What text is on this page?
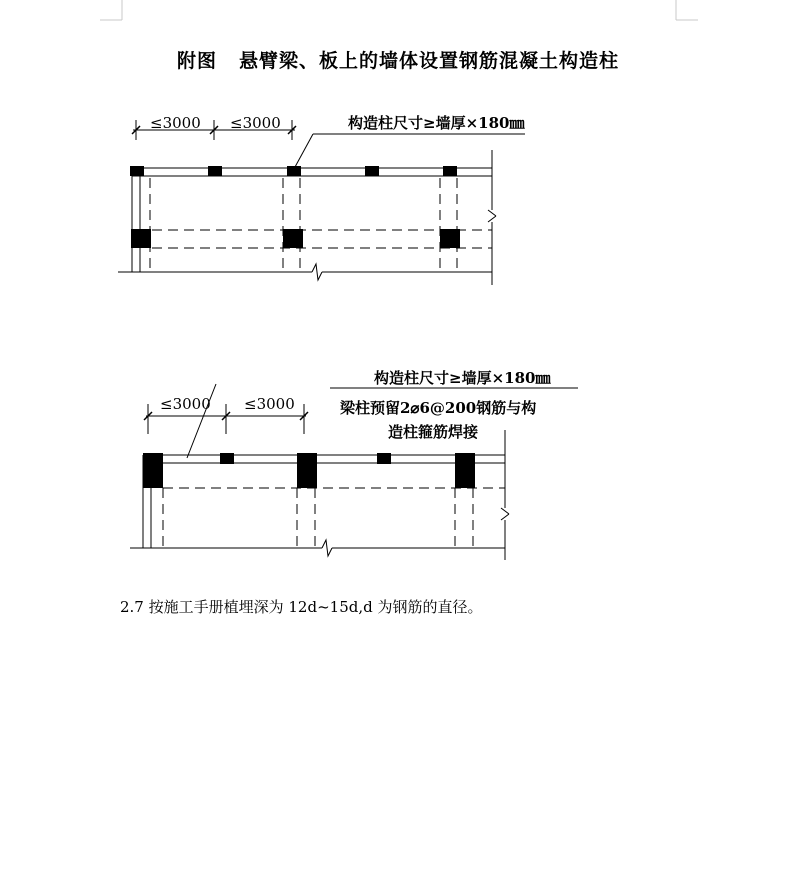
附图 悬臂梁、板上的墙体设置钢筋混凝土构造柱
≤3000 ≤3000	构造柱尺寸≥墙厚×180㎜
≤3000 ≤3000
构造柱尺寸≥墙厚×180㎜
梁柱预留2⌀6@200钢筋与构
造柱箍筋焊接
2.7 按施工手册植埋深为 12d~15d,d 为钢筋的直径。
